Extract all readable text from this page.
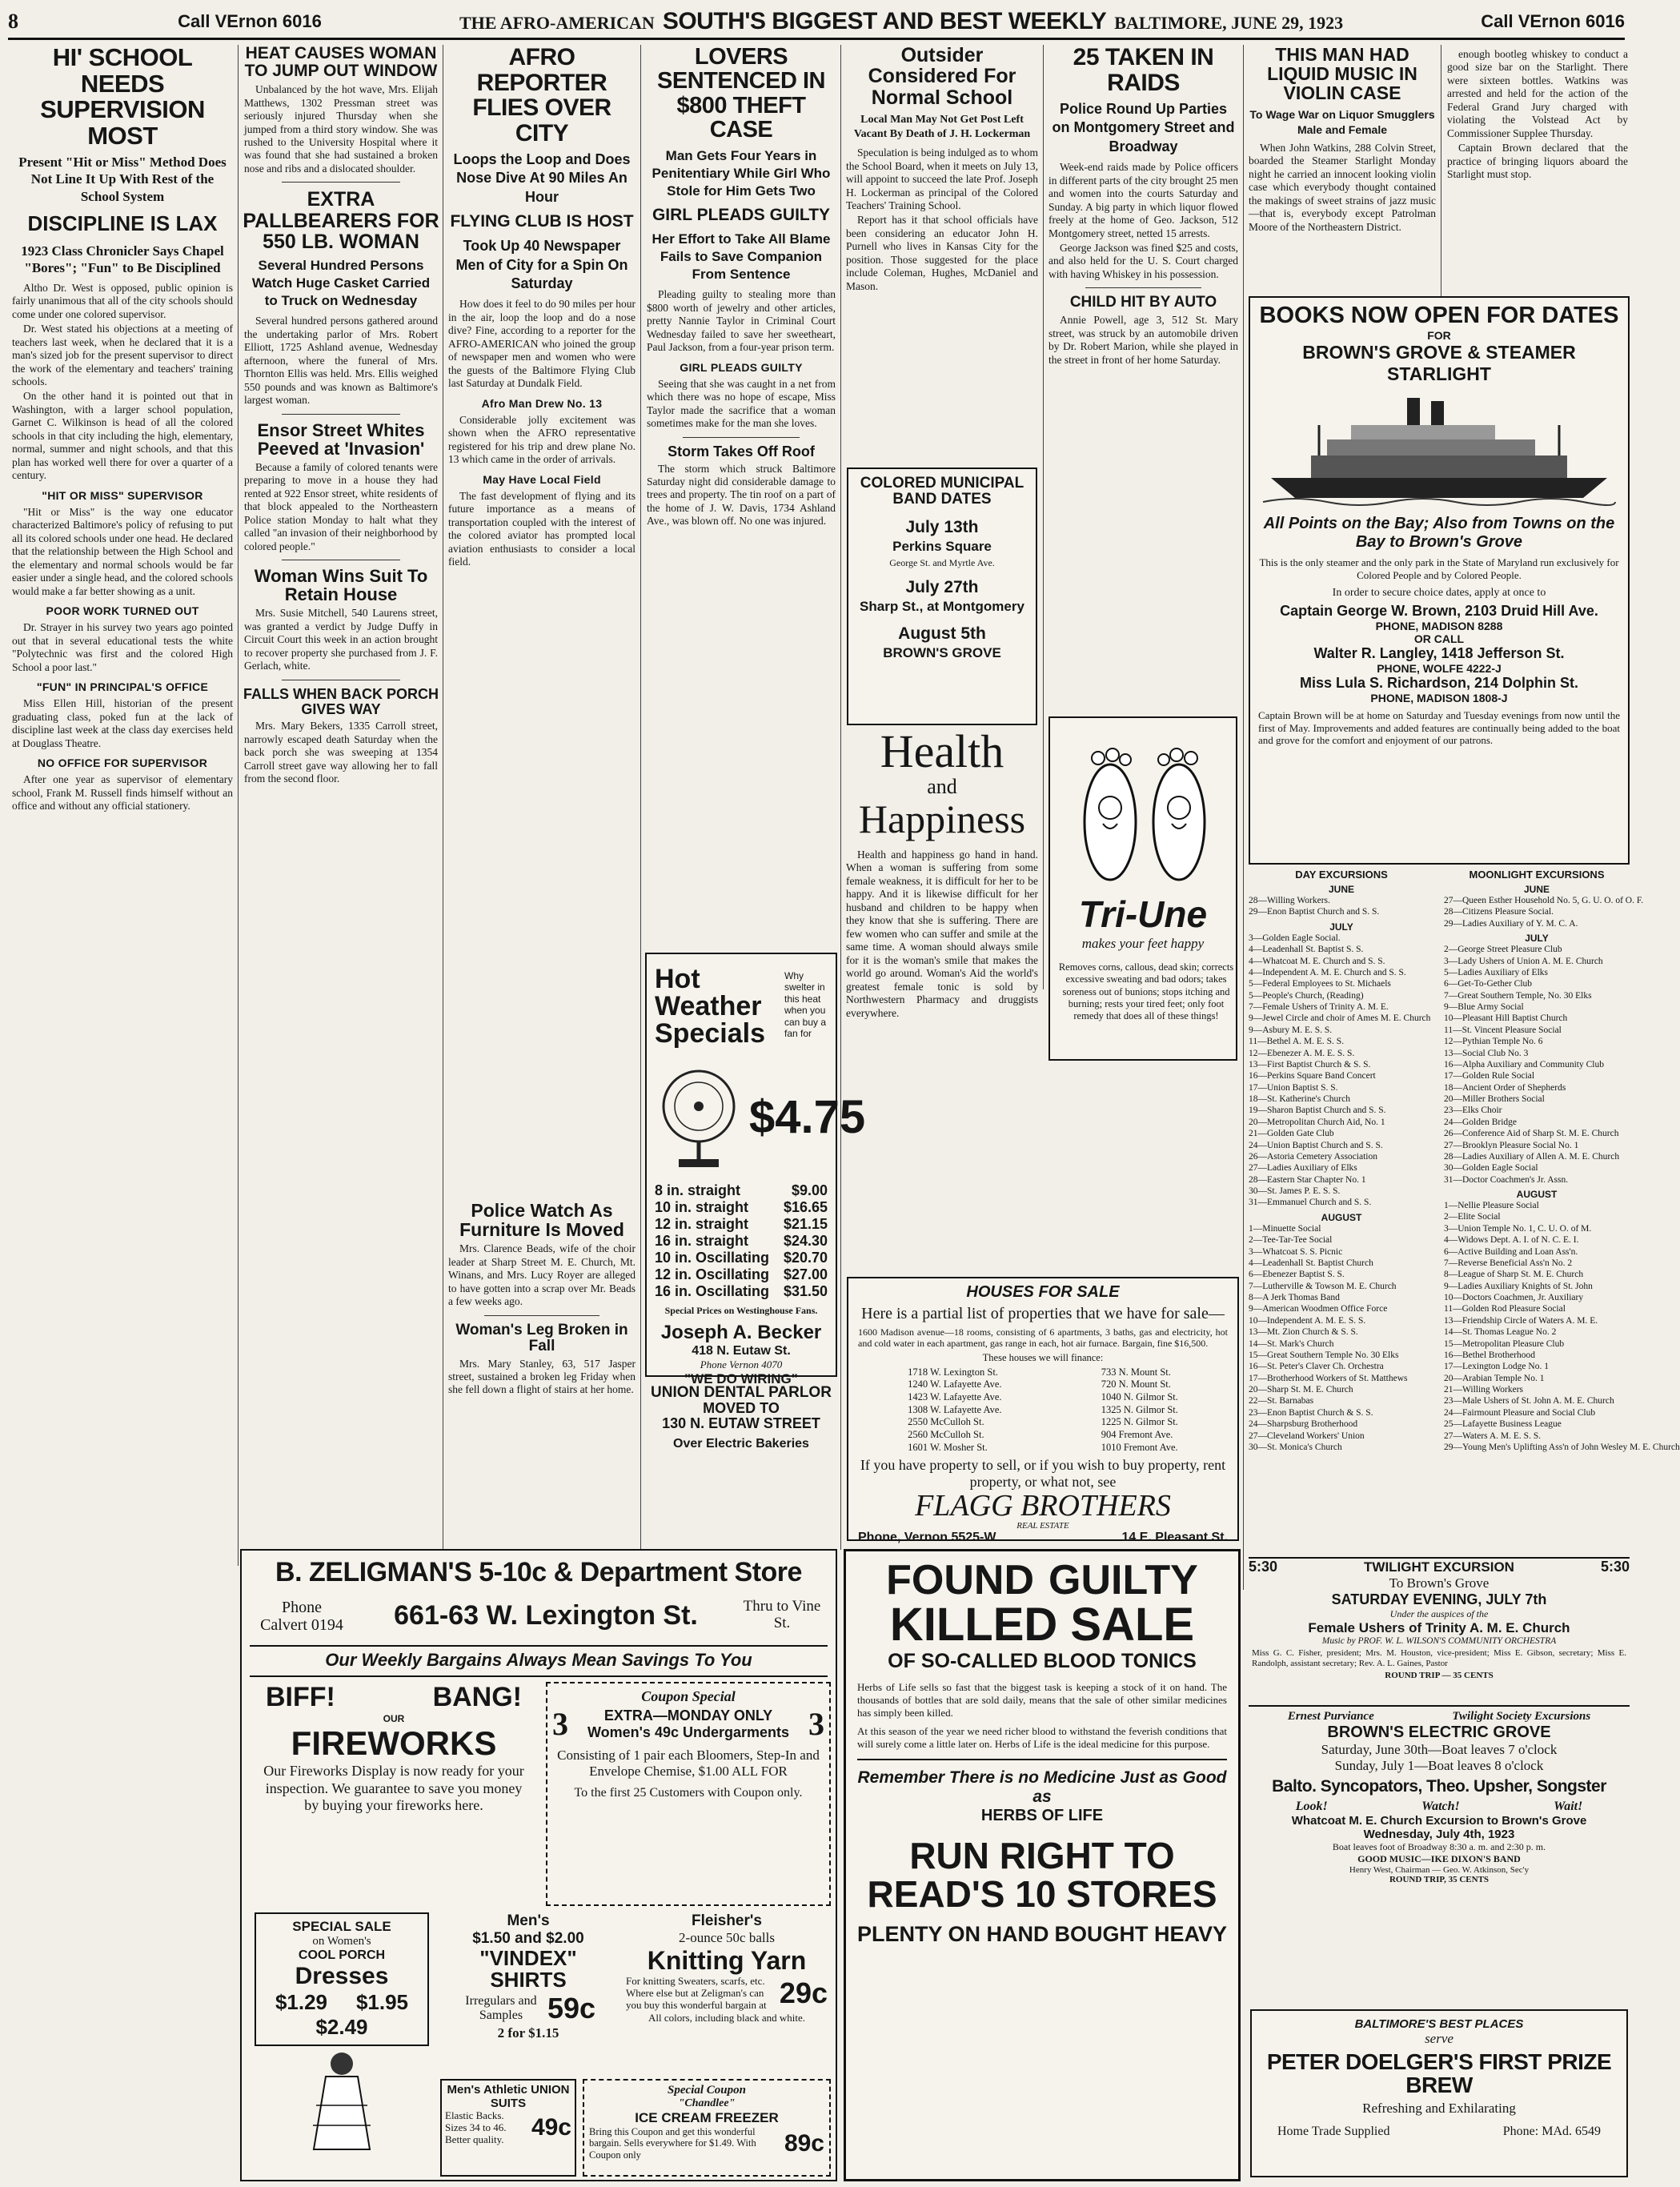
8	Call VErnon 6016	THE AFRO-AMERICAN SOUTH'S BIGGEST AND BEST WEEKLY BALTIMORE, JUNE 29, 1923	Call VErnon 6016
HI' SCHOOL NEEDS SUPERVISION MOST
Present "Hit or Miss" Method Does Not Line It Up With Rest of the School System
DISCIPLINE IS LAX
1923 Class Chronicler Says Chapel "Bores"; "Fun" to Be Disciplined

Altho Dr. West is opposed, public opinion is fairly unanimous that all of the city schools should come under one colored supervisor.

Dr. West stated his objections at a meeting of teachers last week, when he declared that it is a man's sized job for the present supervisor to direct the work of the elementary and teachers' training schools.

On the other hand it is pointed out that in Washington, with a larger school population, Garnet C. Wilkinson is head of all the colored schools in that city including the high, elementary, normal, summer and night schools, and that this plan has worked well there for over a quarter of a century.

"HIT OR MISS" SUPERVISOR

"Hit or Miss" is the way one educator characterized Baltimore's policy of refusing to put all its colored schools under one head. He declared that the relationship between the High School and the elementary and normal schools would be far easier under a single head, and the colored schools would make a far better showing as a unit.

POOR WORK TURNED OUT

Dr. Strayer in his survey two years ago pointed out that in several educational tests the white "Polytechnic was first and the colored High School a poor last."

"FUN" IN PRINCIPAL'S OFFICE

Miss Ellen Hill, historian of the present graduating class, poked fun at the lack of discipline last week at the class day exercises held at Douglass Theatre.

NO OFFICE FOR SUPERVISOR

After one year as supervisor of elementary school, Frank M. Russell finds himself without an office and without any official stationery.

HEAT CAUSES WOMAN TO JUMP OUT WINDOW

Unbalanced by the hot wave, Mrs. Elijah Matthews, 1302 Pressman street was seriously injured Thursday when she jumped from a third story window. She was rushed to the University Hospital where it was found that she had sustained a broken nose and ribs and a dislocated shoulder.

EXTRA PALLBEARERS FOR 550 LB. WOMAN
Several Hundred Persons Watch Huge Casket Carried to Truck on Wednesday

Several hundred persons gathered around the undertaking parlor of Mrs. Robert Elliott, 1725 Ashland avenue, Wednesday afternoon, where the funeral of Mrs. Thornton Ellis was held. Mrs. Ellis weighed 550 pounds and was known as Baltimore's largest woman.

Ensor Street Whites Peeved at 'Invasion'

Because a family of colored tenants were preparing to move in a house they had rented at 922 Ensor street, white residents of that block appealed to the Northeastern Police station Monday to halt what they called "an invasion of their neighborhood by colored people."

Woman Wins Suit To Retain House

Mrs. Susie Mitchell, 540 Laurens street, was granted a verdict by Judge Duffy in Circuit Court this week in an action brought to recover property she purchased from J. F. Gerlach, white.

FALLS WHEN BACK PORCH GIVES WAY

Mrs. Mary Bekers, 1335 Carroll street, narrowly escaped death Saturday when the back porch she was sweeping at 1354 Carroll street gave way allowing her to fall from the second floor.

AFRO REPORTER FLIES OVER CITY
Loops the Loop and Does Nose Dive At 90 Miles An Hour
FLYING CLUB IS HOST
Took Up 40 Newspaper Men of City for a Spin On Saturday

How does it feel to do 90 miles per hour in the air, loop the loop and do a nose dive? Fine, according to a reporter for the AFRO-AMERICAN who joined the group of newspaper men and women who were the guests of the Baltimore Flying Club last Saturday at Dundalk Field.

Afro Man Drew No. 13

Considerable jolly excitement was shown when the AFRO representative registered for his trip and drew plane No. 13 which came in the order of arrivals.

May Have Local Field

The fast development of flying and its future importance as a means of transportation coupled with the interest of the colored aviator has prompted local aviation enthusiasts to consider a local field.

Police Watch As Furniture Is Moved

Mrs. Clarence Beads, wife of the choir leader at Sharp Street M. E. Church, Mt. Winans, and Mrs. Lucy Royer are alleged to have gotten into a scrap over Mr. Beads a few weeks ago.

Woman's Leg Broken in Fall

Mrs. Mary Stanley, 63, 517 Jasper street, sustained a broken leg Friday when she fell down a flight of stairs at her home.

LOVERS SENTENCED IN $800 THEFT CASE
Man Gets Four Years in Penitentiary While Girl Who Stole for Him Gets Two
GIRL PLEADS GUILTY
Her Effort to Take All Blame Fails to Save Companion From Sentence

Pleading guilty to stealing more than $800 worth of jewelry and other articles, pretty Nannie Taylor in Criminal Court Wednesday failed to save her sweetheart, Paul Jackson, from a four-year prison term.

GIRL PLEADS GUILTY

Seeing that she was caught in a net from which there was no hope of escape, Miss Taylor made the sacrifice that a woman sometimes make for the man she loves.

Storm Takes Off Roof

The storm which struck Baltimore Saturday night did considerable damage to trees and property. The tin roof on a part of the home of J. W. Davis, 1734 Ashland Ave., was blown off. No one was injured.

Hot Weather Specials
Why swelter in this heat when you can buy a fan for
$4.75
8 in. straight	$9.00
10 in. straight $16.65
12 in. straight $21.15
16 in. straight $24.30
10 in. Oscillating $20.70
12 in. Oscillating $27.00
16 in. Oscillating $31.50
Special Prices on Westinghouse Fans.
Joseph A. Becker
418 N. Eutaw St.
Phone Vernon 4070
"WE DO WIRING"
UNION DENTAL PARLOR
MOVED TO
130 N. EUTAW STREET
Over Electric Bakeries
Outsider Considered For Normal School
Local Man May Not Get Post Left Vacant By Death of J. H. Lockerman

Speculation is being indulged as to whom the School Board, when it meets on July 13, will appoint to succeed the late Prof. Joseph H. Lockerman as principal of the Colored Teachers' Training School.

Report has it that school officials have been considering an educator John H. Purnell who lives in Kansas City for the position. Those suggested for the place include Coleman, Hughes, McDaniel and Mason.

COLORED MUNICIPAL BAND DATES
July 13th
Perkins Square
George St. and Myrtle Ave.
July 27th
Sharp St., at Montgomery
August 5th
BROWN'S GROVE
25 TAKEN IN RAIDS
Police Round Up Parties on Montgomery Street and Broadway

Week-end raids made by Police officers in different parts of the city brought 25 men and women into the courts Saturday and Sunday. A big party in which liquor flowed freely at the home of Geo. Jackson, 512 Montgomery street, netted 15 arrests.

George Jackson was fined $25 and costs, and also held for the U. S. Court charged with having Whiskey in his possession.

CHILD HIT BY AUTO

Annie Powell, age 3, 512 St. Mary street, was struck by an automobile driven by Dr. Robert Marion, while she played in the street in front of her home Saturday.

Health
and
Happiness

Health and happiness go hand in hand. When a woman is suffering from some female weakness, it is difficult for her to be happy. And it is likewise difficult for her husband and children to be happy when they know that she is suffering. There are few women who can suffer and smile at the same time. A woman should always smile for it is the woman's smile that makes the world go around. Woman's Aid the world's greatest female tonic is sold by Northwestern Pharmacy and druggists everywhere.

Tri-Une
makes your feet happy
Removes corns, callous, dead skin; corrects excessive sweating and bad odors; takes soreness out of bunions; stops itching and burning; rests your tired feet; only foot remedy that does all of these things!
HOUSES FOR SALE
Here is a partial list of properties that we have for sale—
1600 Madison avenue—18 rooms, consisting of 6 apartments, 3 baths, gas and electricity, hot and cold water in each apartment, gas range in each, hot air furnace. Bargain, fine $16,500.
These houses we will finance:
1718 W. Lexington St.
1240 W. Lafayette Ave.
1423 W. Lafayette Ave.
1308 W. Lafayette Ave.
2550 McCulloh St.
2560 McCulloh St.
1601 W. Mosher St.
733 N. Mount St.
720 N. Mount St.
1040 N. Gilmor St.
1325 N. Gilmor St.
1225 N. Gilmor St.
904 Fremont Ave.
1010 Fremont Ave.
If you have property to sell, or if you wish to buy property, rent property, or what not, see
FLAGG BROTHERS
REAL ESTATE
Phone, Vernon 5525-W	14 E. Pleasant St.
THIS MAN HAD LIQUID MUSIC IN VIOLIN CASE
To Wage War on Liquor Smugglers Male and Female

When John Watkins, 288 Colvin Street, boarded the Steamer Starlight Monday night he carried an innocent looking violin case which everybody thought contained the makings of sweet strains of jazz music—that is, everybody except Patrolman Moore of the Northeastern District.

enough bootleg whiskey to conduct a good size bar on the Starlight. There were sixteen bottles. Watkins was arrested and held for the action of the Federal Grand Jury charged with violating the Volstead Act by Commissioner Supplee Thursday.

Captain Brown declared that the practice of bringing liquors aboard the Starlight must stop.

BOOKS NOW OPEN FOR DATES
FOR
BROWN'S GROVE & STEAMER STARLIGHT
All Points on the Bay; Also from Towns on the Bay to Brown's Grove
This is the only steamer and the only park in the State of Maryland run exclusively for Colored People and by Colored People.
In order to secure choice dates, apply at once to
Captain George W. Brown, 2103 Druid Hill Ave.
PHONE, MADISON 8288
OR CALL
Walter R. Langley, 1418 Jefferson St.
PHONE, WOLFE 4222-J
Miss Lula S. Richardson, 214 Dolphin St.
PHONE, MADISON 1808-J
Captain Brown will be at home on Saturday and Tuesday evenings from now until the first of May. Improvements and added features are continually being added to the boat and grove for the comfort and enjoyment of our patrons.
DAY EXCURSIONS
JUNE
28—Willing Workers.
29—Enon Baptist Church and S. S.
JULY
3—Golden Eagle Social.
4—Leadenhall St. Baptist S. S.
4—Whatcoat M. E. Church and S. S.
4—Independent A. M. E. Church and S. S.
5—Federal Employees to St. Michaels
5—People's Church, (Reading)
7—Female Ushers of Trinity A. M. E.
9—Jewel Circle and choir of Ames M. E. Church
9—Asbury M. E. S. S.
11—Bethel A. M. E. S. S.
12—Ebenezer A. M. E. S. S.
13—First Baptist Church & S. S.
16—Perkins Square Band Concert
17—Union Baptist S. S.
18—St. Katherine's Church
19—Sharon Baptist Church and S. S.
20—Metropolitan Church Aid, No. 1
21—Golden Gate Club
24—Union Baptist Church and S. S.
26—Astoria Cemetery Association
27—Ladies Auxiliary of Elks
28—Eastern Star Chapter No. 1
30—St. James P. E. S. S.
31—Emmanuel Church and S. S.
AUGUST
1—Minuette Social
2—Tee-Tar-Tee Social
3—Whatcoat S. S. Picnic
4—Leadenhall St. Baptist Church
6—Ebenezer Baptist S. S.
7—Lutherville & Towson M. E. Church
8—A Jerk Thomas Band
9—American Woodmen Office Force
10—Independent A. M. E. S. S.
13—Mt. Zion Church & S. S.
14—St. Mark's Church
15—Great Southern Temple No. 30 Elks
16—St. Peter's Claver Ch. Orchestra
17—Brotherhood Workers of St. Matthews
20—Sharp St. M. E. Church
22—St. Barnabas
23—Enon Baptist Church & S. S.
24—Sharpsburg Brotherhood
27—Cleveland Workers' Union
30—St. Monica's Church
MOONLIGHT EXCURSIONS
JUNE
27—Queen Esther Household No. 5, G. U. O. of O. F.
28—Citizens Pleasure Social.
29—Ladies Auxiliary of Y. M. C. A.
JULY
2—George Street Pleasure Club
3—Lady Ushers of Union A. M. E. Church
5—Ladies Auxiliary of Elks
6—Get-To-Gether Club
7—Great Southern Temple, No. 30 Elks
9—Blue Army Social
10—Pleasant Hill Baptist Church
11—St. Vincent Pleasure Social
12—Pythian Temple No. 6
13—Social Club No. 3
16—Alpha Auxiliary and Community Club
17—Golden Rule Social
18—Ancient Order of Shepherds
20—Miller Brothers Social
23—Elks Choir
24—Golden Bridge
26—Conference Aid of Sharp St. M. E. Church
27—Brooklyn Pleasure Social No. 1
28—Ladies Auxiliary of Allen A. M. E. Church
30—Golden Eagle Social
31—Doctor Coachmen's Jr. Assn.
AUGUST
1—Nellie Pleasure Social
2—Elite Social
3—Union Temple No. 1, C. U. O. of M.
4—Widows Dept. A. I. of N. C. E. I.
6—Active Building and Loan Ass'n.
7—Reverse Beneficial Ass'n No. 2
8—League of Sharp St. M. E. Church
9—Ladies Auxiliary Knights of St. John
10—Doctors Coachmen, Jr. Auxiliary
11—Golden Rod Pleasure Social
13—Friendship Circle of Waters A. M. E.
14—St. Thomas League No. 2
15—Metropolitan Pleasure Club
16—Bethel Brotherhood
17—Lexington Lodge No. 1
20—Arabian Temple No. 1
21—Willing Workers
23—Male Ushers of St. John A. M. E. Church
24—Fairmount Pleasure and Social Club
25—Lafayette Business League
27—Waters A. M. E. S. S.
29—Young Men's Uplifting Ass'n of John Wesley M. E. Church
5:30	TWILIGHT EXCURSION	5:30
To Brown's Grove
SATURDAY EVENING, JULY 7th
Under the auspices of the
Female Ushers of Trinity A. M. E. Church
Music by PROF. W. L. WILSON'S COMMUNITY ORCHESTRA
Miss G. C. Fisher, president; Mrs. M. Houston, vice-president; Miss E. Gibson, secretary; Miss E. Randolph, assistant secretary; Rev. A. L. Gaines, Pastor
ROUND TRIP — 35 CENTS
Ernest Purviance	Twilight Society Excursions
BROWN'S ELECTRIC GROVE
Saturday, June 30th—Boat leaves 7 o'clock
Sunday, July 1—Boat leaves 8 o'clock
Balto. Syncopators, Theo. Upsher, Songster
Look!	Watch!	Wait!
Whatcoat M. E. Church Excursion to Brown's Grove
Wednesday, July 4th, 1923
Boat leaves foot of Broadway 8:30 a. m. and 2:30 p. m.
GOOD MUSIC—IKE DIXON'S BAND
Henry West, Chairman — Geo. W. Atkinson, Sec'y
ROUND TRIP, 35 CENTS
BALTIMORE'S BEST PLACES
serve
PETER DOELGER'S FIRST PRIZE BREW
Refreshing and Exhilarating
Home Trade Supplied	Phone: MAd. 6549
B. ZELIGMAN'S 5-10c & Department Store
Phone
Calvert 0194	661-63 W. Lexington St.	Thru to Vine St.
Our Weekly Bargains Always Mean Savings To You
BIFF!	BANG!
OUR
FIREWORKS
Our Fireworks Display is now ready for your inspection. We guarantee to save you money by buying your fireworks here.
Coupon Special
3	EXTRA—MONDAY ONLY
Women's 49c Undergarments 3
Consisting of 1 pair each Bloomers, Step-In and Envelope Chemise, $1.00 ALL FOR
To the first 25 Customers with Coupon only.
SPECIAL SALE
on Women's
COOL PORCH
Dresses
$1.29 $1.95
$2.49
Men's
$1.50 and $2.00
"VINDEX" SHIRTS
Irregulars and Samples 59c
2 for $1.15
Fleisher's
2-ounce 50c balls
Knitting Yarn
For knitting Sweaters, scarfs, etc. Where else but at Zeligman's can you buy this wonderful bargain at 29c
All colors, including black and white.
Men's Athletic UNION SUITS
Elastic Backs. Sizes 34 to 46. Better quality.	49c
Special Coupon
"Chandlee"
ICE CREAM FREEZER
Bring this Coupon and get this wonderful bargain. Sells everywhere for $1.49. With Coupon only	89c
FOUND GUILTY
KILLED SALE
OF SO-CALLED BLOOD TONICS
Herbs of Life sells so fast that the biggest task is keeping a stock of it on hand. The thousands of bottles that are sold daily, means that the sale of other similar medicines has simply been killed.
At this season of the year we need richer blood to withstand the feverish conditions that will surely come a little later on. Herbs of Life is the ideal medicine for this purpose.
Remember There is no Medicine Just as Good as
HERBS OF LIFE
RUN RIGHT TO
READ'S 10 STORES
PLENTY ON HAND BOUGHT HEAVY
